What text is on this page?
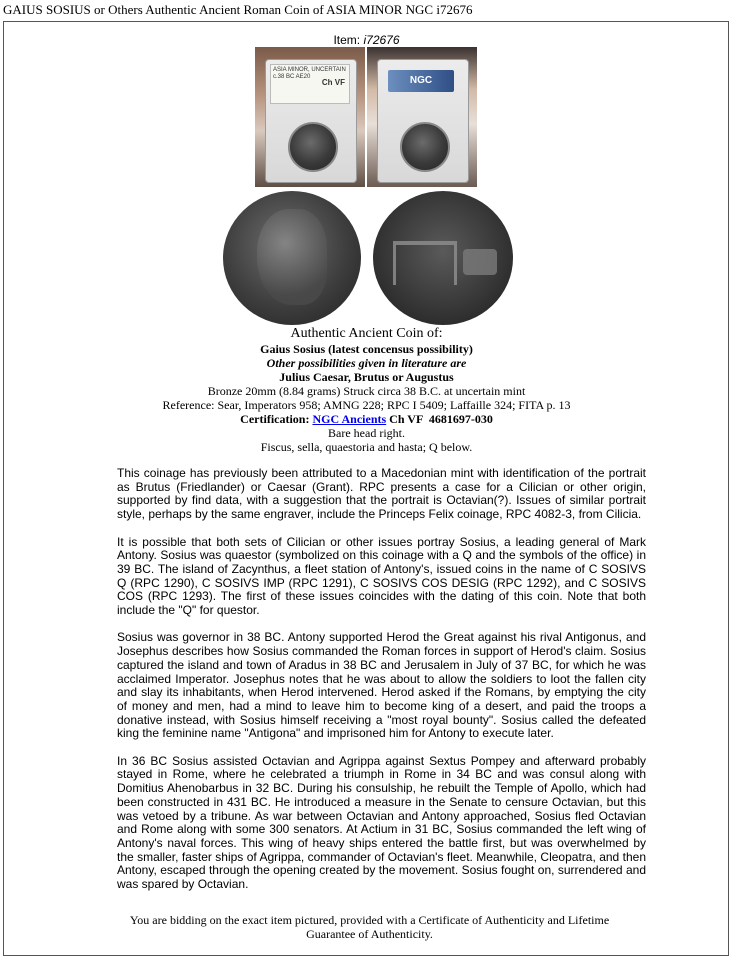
GAIUS SOSIUS or Others Authentic Ancient Roman Coin of ASIA MINOR NGC i72676
Item: i72676
ASIA MINOR, UNCERTAIN
c.38 BC AE20
Ch VF	NGC
Authentic Ancient Coin of:
Gaius Sosius (latest concensus possibility)
Other possibilities given in literature are
Julius Caesar, Brutus or Augustus
Bronze 20mm (8.84 grams) Struck circa 38 B.C. at uncertain mint
Reference: Sear, Imperators 958; AMNG 228; RPC I 5409; Laffaille 324; FITA p. 13
Certification: NGC Ancients Ch VF  4681697-030
Bare head right.
Fiscus, sella, quaestoria and hasta; Q below.

This coinage has previously been attributed to a Macedonian mint with identification of the portrait as Brutus (Friedlander) or Caesar (Grant). RPC presents a case for a Cilician or other origin, supported by find data, with a suggestion that the portrait is Octavian(?). Issues of similar portrait style, perhaps by the same engraver, include the Princeps Felix coinage, RPC 4082-3, from Cilicia.

It is possible that both sets of Cilician or other issues portray Sosius, a leading general of Mark Antony. Sosius was quaestor (symbolized on this coinage with a Q and the symbols of the office) in 39 BC. The island of Zacynthus, a fleet station of Antony's, issued coins in the name of C SOSIVS Q (RPC 1290), C SOSIVS IMP (RPC 1291), C SOSIVS COS DESIG (RPC 1292), and C SOSIVS COS (RPC 1293). The first of these issues coincides with the dating of this coin. Note that both include the "Q" for questor.

Sosius was governor in 38 BC. Antony supported Herod the Great against his rival Antigonus, and Josephus describes how Sosius commanded the Roman forces in support of Herod's claim. Sosius captured the island and town of Aradus in 38 BC and Jerusalem in July of 37 BC, for which he was acclaimed Imperator. Josephus notes that he was about to allow the soldiers to loot the fallen city and slay its inhabitants, when Herod intervened. Herod asked if the Romans, by emptying the city of money and men, had a mind to leave him to become king of a desert, and paid the troops a donative instead, with Sosius himself receiving a "most royal bounty". Sosius called the defeated king the feminine name "Antigona" and imprisoned him for Antony to execute later.

In 36 BC Sosius assisted Octavian and Agrippa against Sextus Pompey and afterward probably stayed in Rome, where he celebrated a triumph in Rome in 34 BC and was consul along with Domitius Ahenobarbus in 32 BC. During his consulship, he rebuilt the Temple of Apollo, which had been constructed in 431 BC. He introduced a measure in the Senate to censure Octavian, but this was vetoed by a tribune. As war between Octavian and Antony approached, Sosius fled Octavian and Rome along with some 300 senators. At Actium in 31 BC, Sosius commanded the left wing of Antony's naval forces. This wing of heavy ships entered the battle first, but was overwhelmed by the smaller, faster ships of Agrippa, commander of Octavian's fleet. Meanwhile, Cleopatra, and then Antony, escaped through the opening created by the movement. Sosius fought on, surrendered and was spared by Octavian.

You are bidding on the exact item pictured, provided with a Certificate of Authenticity and Lifetime Guarantee of Authenticity.
